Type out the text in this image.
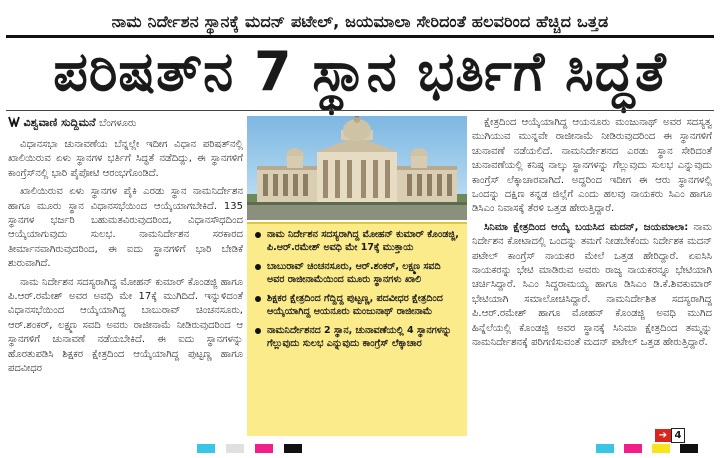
ನಾಮ ನಿರ್ದೇಶನ ಸ್ಥಾನಕ್ಕೆ ಮದನ್ ಪಟೇಲ್, ಜಯಮಾಲಾ ಸೇರಿದಂತೆ ಹಲವರಿಂದ ಹೆಚ್ಚಿದ ಒತ್ತಡ
ಪರಿಷತ್‌ನ 7 ಸ್ಥಾನ ಭರ್ತಿಗೆ ಸಿದ್ಧತೆ
ವಿಶ್ವವಾಣಿ ಸುದ್ದಿಮನೆ ಬೆಂಗಳೂರು

ವಿಧಾನಸಭಾ ಚುನಾವಣೆಯ ಬೆನ್ನಲ್ಲೇ ಇದೀಗ ವಿಧಾನ ಪರಿಷತ್‌ನಲ್ಲಿ ಖಾಲಿಯಿರುವ ಏಳು ಸ್ಥಾನಗಳ ಭರ್ತಿಗೆ ಸಿದ್ಧತೆ ನಡೆದಿದ್ದು, ಈ ಸ್ಥಾನಗಳಿಗೆ ಕಾಂಗ್ರೆಸ್‌ನಲ್ಲಿ ಭಾರಿ ಪೈಪೋಟಿ ಆರಂಭಗೊಂಡಿದೆ.

ಖಾಲಿಯಿರುವ ಏಳು ಸ್ಥಾನಗಳ ಪೈಕಿ ಎರಡು ಸ್ಥಾನ ನಾಮನಿರ್ದೇಶನ ಹಾಗೂ ಮೂರು ಸ್ಥಾನ ವಿಧಾನಸಭೆಯಿಂದ ಆಯ್ಕೆಯಾಗಬೇಕಿದೆ. 135 ಸ್ಥಾನಗಳ ಭರ್ಜರಿ ಬಹುಮತವಿರುವುದರಿಂದ, ವಿಧಾನಸೌಧದಿಂದ ಆಯ್ಕೆಯಾಗುವುದು ಸುಲಭ. ನಾಮನಿರ್ದೇಶನ ಸರಕಾರದ ತೀರ್ಮಾನವಾಗಿರುವುದರಿಂದ, ಈ ಐದು ಸ್ಥಾನಗಳಿಗೆ ಭಾರಿ ಬೇಡಿಕೆ ಶುರುವಾಗಿದೆ.

ನಾಮ ನಿರ್ದೇಶನ ಸದಸ್ಯರಾಗಿದ್ದ ಮೋಹನ್ ಕುಮಾರ್ ಕೊಂಡಜ್ಜಿ ಹಾಗೂ ಪಿ.ಆರ್.ರಮೇಶ್ ಅವರ ಅವಧಿ ಮೇ 17ಕ್ಕೆ ಮುಗಿದಿದೆ. ಇನ್ನುಳಿದಂತೆ ವಿಧಾನಸಭೆಯಿಂದ ಆಯ್ಕೆಯಾಗಿದ್ದ ಬಾಬುರಾವ್ ಚಿಂಚನಸೂರು, ಆರ್.ಶಂಕರ್, ಲಕ್ಷ್ಮಣ ಸವದಿ ಅವರು ರಾಜೀನಾಮೆ ನೀಡಿರುವುದರಿಂದ ಆ ಸ್ಥಾನಗಳಿಗೆ ಚುನಾವಣೆ ನಡೆಯಬೇಕಿದೆ. ಈ ಐದು ಸ್ಥಾನಗಳನ್ನು ಹೊರತುಪಡಿಸಿ ಶಿಕ್ಷಕರ ಕ್ಷೇತ್ರದಿಂದ ಆಯ್ಕೆಯಾಗಿದ್ದ ಪುಟ್ಟಣ್ಣ ಹಾಗೂ ಪದವೀಧರ

ನಾಮ ನಿರ್ದೇಶನ ಸದಸ್ಯರಾಗಿದ್ದ ಮೋಹನ್ ಕುಮಾರ್ ಕೊಂಡಜ್ಜಿ, ಪಿ.ಆರ್.ರಮೇಶ್ ಅವಧಿ ಮೇ 17ಕ್ಕೆ ಮುಕ್ತಾಯ
ಬಾಬುರಾವ್ ಚಿಂಚನಸೂರು, ಆರ್.ಶಂಕರ್, ಲಕ್ಷ್ಮಣ ಸವದಿ ಅವರ ರಾಜೀನಾಮೆಯಿಂದ ಮೂರು ಸ್ಥಾನಗಳು ಖಾಲಿ
ಶಿಕ್ಷಕರ ಕ್ಷೇತ್ರದಿಂದ ಗೆದ್ದಿದ್ದ ಪುಟ್ಟಣ್ಣ, ಪದವೀಧರ ಕ್ಷೇತ್ರದಿಂದ ಆಯ್ಕೆಯಾಗಿದ್ದ ಆಯನೂರು ಮಂಜುನಾಥ್ ರಾಜೀನಾಮೆ
ನಾಮನಿರ್ದೇಶನದ 2 ಸ್ಥಾನ, ಚುನಾವಣೆಯಲ್ಲಿ 4 ಸ್ಥಾನಗಳನ್ನು ಗೆಲ್ಲುವುದು ಸುಲಭ ಎನ್ನುವುದು ಕಾಂಗ್ರೆಸ್ ಲೆಕ್ಕಾಚಾರ

ಕ್ಷೇತ್ರದಿಂದ ಆಯ್ಕೆಯಾಗಿದ್ದ ಆಯನೂರು ಮಂಜುನಾಥ್ ಅವರ ಸದಸ್ಯತ್ವ ಮುಗಿಯುವ ಮುನ್ನವೇ ರಾಜೀನಾಮೆ ನೀಡಿರುವುದರಿಂದ ಈ ಸ್ಥಾನಗಳಿಗೆ ಚುನಾವಣೆ ನಡೆಯಲಿದೆ. ನಾಮನಿರ್ದೇಶನದ ಎರಡು ಸ್ಥಾನ ಸೇರಿದಂತೆ ಚುನಾವಣೆಯಲ್ಲಿ ಕನಿಷ್ಠ ನಾಲ್ಕು ಸ್ಥಾನಗಳನ್ನು ಗೆಲ್ಲುವುದು ಸುಲಭ ಎನ್ನುವುದು ಕಾಂಗ್ರೆಸ್ ಲೆಕ್ಕಾಚಾರವಾಗಿದೆ. ಅದ್ದರಿಂದ ಇದೀಗ ಈ ಆರು ಸ್ಥಾನಗಳಲ್ಲಿ ಒಂದನ್ನು ದಕ್ಷಿಣ ಕನ್ನಡ ಜಿಲ್ಲೆಗೆ ಎಂದು ಹಲವು ನಾಯಕರು ಸಿಎಂ ಹಾಗೂ ಡಿಸಿಎಂ ನಿವಾಸಕ್ಕೆ ತೆರಳಿ ಒತ್ತಡ ಹೇರುತ್ತಿದ್ದಾರೆ.

ಸಿನಿಮಾ ಕ್ಷೇತ್ರದಿಂದ ಆಯ್ಕೆ ಬಯಸಿದ ಮದನ್, ಜಯಮಾಲಾ: ನಾಮ ನಿರ್ದೇಶನ ಕೋಟಾದಲ್ಲಿ ಒಂದನ್ನು ತಮಗೆ ನೀಡಬೇಕೆಂದು ನಿರ್ದೇಶಕ ಮದನ್ ಪಟೇಲ್ ಕಾಂಗ್ರೆಸ್ ನಾಯಕರ ಮೇಲೆ ಒತ್ತಡ ಹೇರಿದ್ದಾರೆ. ಏಐಸಿಸಿ ನಾಯಕರನ್ನು ಭೇಟಿ ಮಾಡಿರುವ ಅವರು ರಾಜ್ಯ ನಾಯಕರನ್ನೂ ಭೇಟಿಯಾಗಿ ಚರ್ಚಿಸಿದ್ದಾರೆ. ಸಿಎಂ ಸಿದ್ದರಾಮಯ್ಯ ಹಾಗೂ ಡಿಸಿಎಂ ಡಿ.ಕೆ.ಶಿವಕುಮಾರ್ ಭೇಟಿಯಾಗಿ ಸಮಾಲೋಚಿಸಿದ್ದಾರೆ. ನಾಮನಿರ್ದೇಶಿತ ಸದಸ್ಯರಾಗಿದ್ದ ಪಿ.ಆರ್.ರಮೇಶ್ ಹಾಗೂ ಮೋಹನ್ ಕೊಂಡಜ್ಜಿ ಅವಧಿ ಮುಗಿದ ಹಿನ್ನೆಲೆಯಲ್ಲಿ ಕೊಂಡಜ್ಜಿ ಅವರ ಸ್ಥಾನಕ್ಕೆ ಸಿನಿಮಾ ಕ್ಷೇತ್ರದಿಂದ ತಮ್ಮನ್ನು ನಾಮನಿರ್ದೇಶನಕ್ಕೆ ಪರಿಗಣಿಸುವಂತೆ ಮದನ್ ಪಟೇಲ್ ಒತ್ತಡ ಹೇರುತ್ತಿದ್ದಾರೆ.

➔ 4
